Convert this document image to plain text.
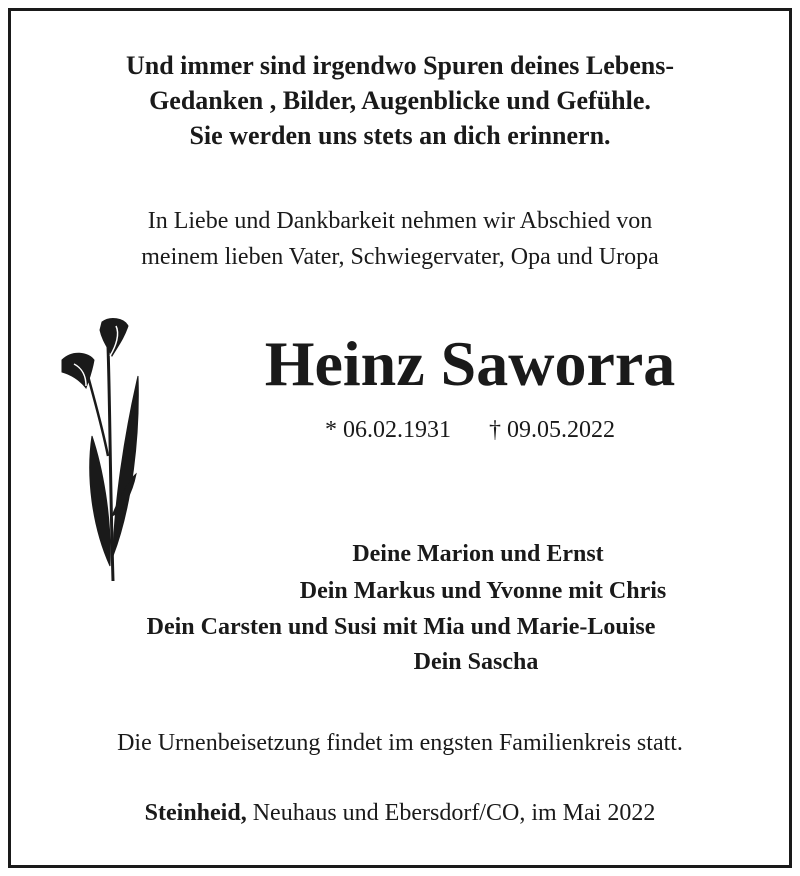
Und immer sind irgendwo Spuren deines Lebens-
Gedanken , Bilder, Augenblicke und Gefühle.
Sie werden uns stets an dich erinnern.
In Liebe und Dankbarkeit nehmen wir Abschied von
meinem lieben Vater, Schwiegervater, Opa und Uropa
Heinz Saworra
* 06.02.1931 † 09.05.2022
Deine Marion und Ernst
Dein Markus und Yvonne mit Chris
Dein Carsten und Susi mit Mia und Marie-Louise
Dein Sascha
Die Urnenbeisetzung findet im engsten Familienkreis statt.
Steinheid, Neuhaus und Ebersdorf/CO, im Mai 2022
